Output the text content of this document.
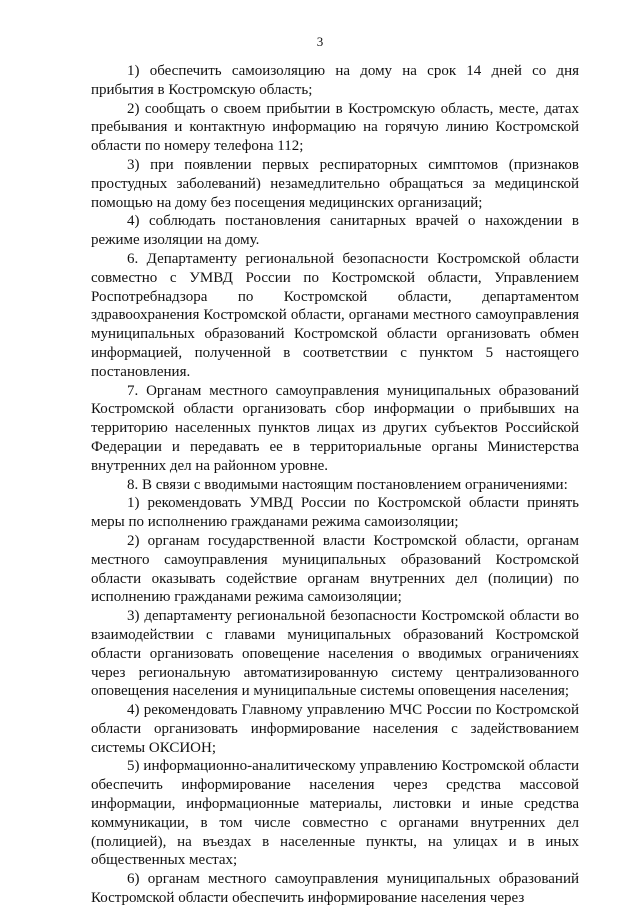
3

1) обеспечить самоизоляцию на дому на срок 14 дней со дня прибытия в Костромскую область;

2) сообщать о своем прибытии в Костромскую область, месте, датах пребывания и контактную информацию на горячую линию Костромской области по номеру телефона 112;

3) при появлении первых респираторных симптомов (признаков простудных заболеваний) незамедлительно обращаться за медицинской помощью на дому без посещения медицинских организаций;

4) соблюдать постановления санитарных врачей о нахождении в режиме изоляции на дому.

6. Департаменту региональной безопасности Костромской области совместно с УМВД России по Костромской области, Управлением Роспотребнадзора по Костромской области, департаментом здравоохранения Костромской области, органами местного самоуправления муниципальных образований Костромской области организовать обмен информацией, полученной в соответствии с пунктом 5 настоящего постановления.

7. Органам местного самоуправления муниципальных образований Костромской области организовать сбор информации о прибывших на территорию населенных пунктов лицах из других субъектов Российской Федерации и передавать ее в территориальные органы Министерства внутренних дел на районном уровне.

8. В связи с вводимыми настоящим постановлением ограничениями:

1) рекомендовать УМВД России по Костромской области принять меры по исполнению гражданами режима самоизоляции;

2) органам государственной власти Костромской области, органам местного самоуправления муниципальных образований Костромской области оказывать содействие органам внутренних дел (полиции) по исполнению гражданами режима самоизоляции;

3) департаменту региональной безопасности Костромской области во взаимодействии с главами муниципальных образований Костромской области организовать оповещение населения о вводимых ограничениях через региональную автоматизированную систему централизованного оповещения населения и муниципальные системы оповещения населения;

4) рекомендовать Главному управлению МЧС России по Костромской области организовать информирование населения с задействованием системы ОКСИОН;

5) информационно-аналитическому управлению Костромской области обеспечить информирование населения через средства массовой информации, информационные материалы, листовки и иные средства коммуникации, в том числе совместно с органами внутренних дел (полицией), на въездах в населенные пункты, на улицах и в иных общественных местах;

6) органам местного самоуправления муниципальных образований Костромской области обеспечить информирование населения через
